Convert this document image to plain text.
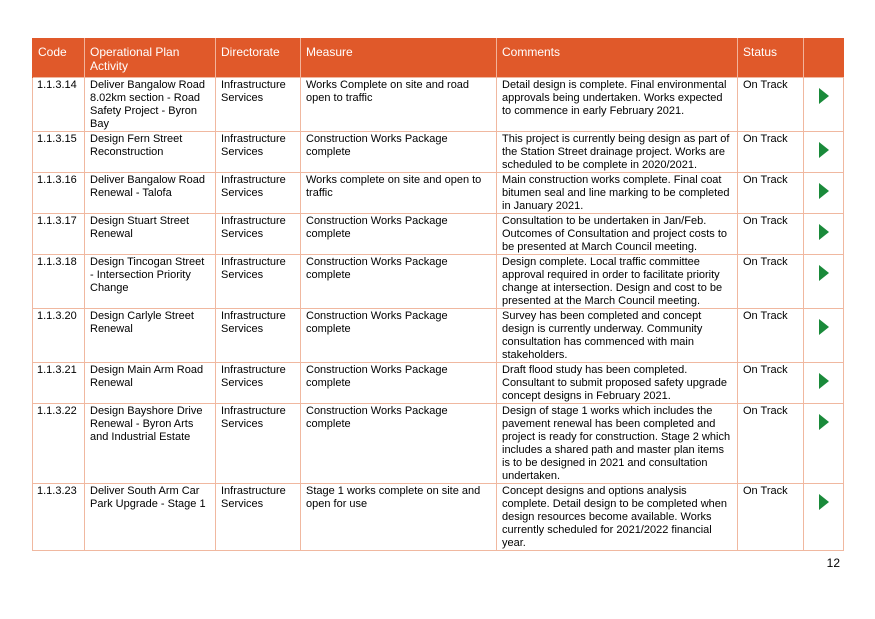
Code	Operational Plan Activity	Directorate	Measure	Comments	Status	
1.1.3.14	Deliver Bangalow Road 8.02km section - Road Safety Project - Byron Bay	Infrastructure Services	Works Complete on site and road open to traffic	Detail design is complete. Final environmental approvals being undertaken. Works expected to commence in early February 2021.	On Track	
1.1.3.15	Design Fern Street Reconstruction	Infrastructure Services	Construction Works Package complete	This project is currently being design as part of the Station Street drainage project. Works are scheduled to be complete in 2020/2021.	On Track	
1.1.3.16	Deliver Bangalow Road Renewal - Talofa	Infrastructure Services	Works complete on site and open to traffic	Main construction works complete. Final coat bitumen seal and line marking to be completed in January 2021.	On Track	
1.1.3.17	Design Stuart Street Renewal	Infrastructure Services	Construction Works Package complete	Consultation to be undertaken in Jan/Feb. Outcomes of Consultation and project costs to be presented at March Council meeting.	On Track	
1.1.3.18	Design Tincogan Street - Intersection Priority Change	Infrastructure Services	Construction Works Package complete	Design complete. Local traffic committee approval required in order to facilitate priority change at intersection. Design and cost to be presented at the March Council meeting.	On Track	
1.1.3.20	Design Carlyle Street Renewal	Infrastructure Services	Construction Works Package complete	Survey has been completed and concept design is currently underway. Community consultation has commenced with main stakeholders.	On Track	
1.1.3.21	Design Main Arm Road Renewal	Infrastructure Services	Construction Works Package complete	Draft flood study has been completed. Consultant to submit proposed safety upgrade concept designs in February 2021.	On Track	
1.1.3.22	Design Bayshore Drive Renewal - Byron Arts and Industrial Estate	Infrastructure Services	Construction Works Package complete	Design of stage 1 works which includes the pavement renewal has been completed and project is ready for construction. Stage 2 which includes a shared path and master plan items is to be designed in 2021 and consultation undertaken.	On Track	
1.1.3.23	Deliver South Arm Car Park Upgrade - Stage 1	Infrastructure Services	Stage 1 works complete on site and open for use	Concept designs and options analysis complete. Detail design to be completed when design resources become available. Works currently scheduled for 2021/2022 financial year.	On Track	
12
